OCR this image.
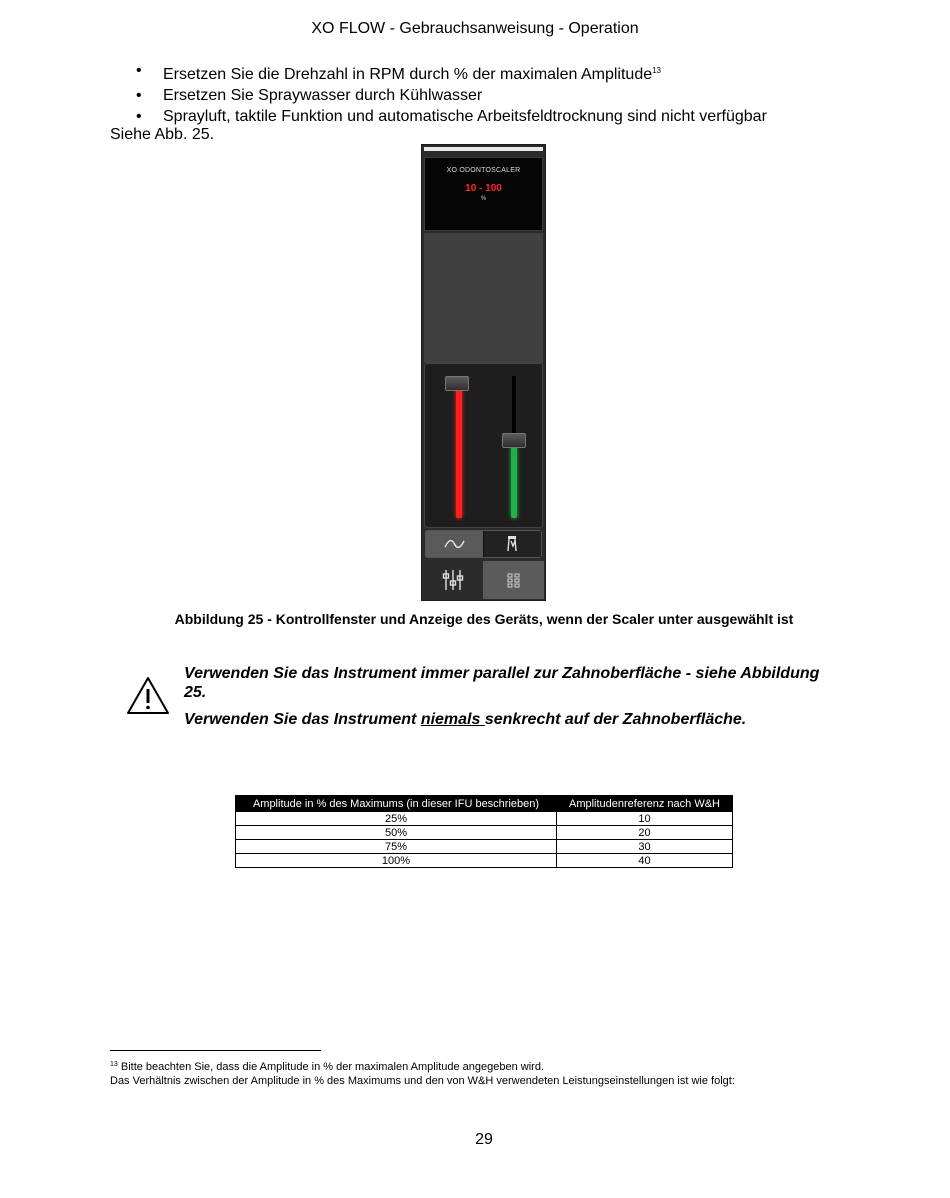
XO FLOW - Gebrauchsanweisung - Operation
• Ersetzen Sie die Drehzahl in RPM durch % der maximalen Amplitude$^{13}$
• Ersetzen Sie Spraywasser durch Kühlwasser
• Sprayluft, taktile Funktion und automatische Arbeitsfeldtrocknung sind nicht verfügbar
Siehe Abb. 25.
XO ODONTOSCALER
10 - 100
%
Abbildung 25 - Kontrollfenster und Anzeige des Geräts, wenn der Scaler unter ausgewählt ist
Verwenden Sie das Instrument immer parallel zur Zahnoberfläche - siehe Abbildung 25.
Verwenden Sie das Instrument niemals senkrecht auf der Zahnoberfläche.
Amplitude in % des Maximums (in dieser IFU beschrieben)	Amplitudenreferenz nach W&H
25%	10
50%	20
75%	30
100%	40
$^{13}$ Bitte beachten Sie, dass die Amplitude in % der maximalen Amplitude angegeben wird.
Das Verhältnis zwischen der Amplitude in % des Maximums und den von W&H verwendeten Leistungseinstellungen ist wie folgt:
29
